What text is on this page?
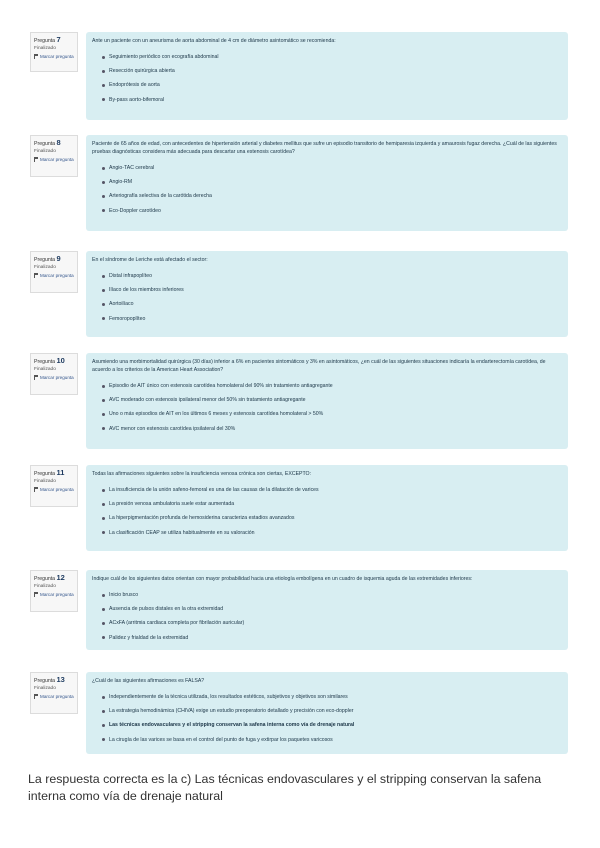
Pregunta 7
Finalizado
Marcar pregunta
Ante un paciente con un aneurisma de aorta abdominal de 4 cm de diámetro asintomático se recomienda:
Seguimiento periódico con ecografía abdominal
Resección quirúrgica abierta
Endoprótesis de aorta
By-pass aorto-bifemoral
Pregunta 8
Finalizado
Marcar pregunta
Paciente de 65 años de edad, con antecedentes de hipertensión arterial y diabetes mellitus que sufre un episodio transitorio de hemiparesia izquierda y amaurosis fugaz derecha. ¿Cuál de las siguientes pruebas diagnósticas considera más adecuada para descartar una estenosis carotídea?
Angio-TAC cerebral
Angio-RM
Arteriografía selectiva de la carótida derecha
Eco-Doppler carotídeo
Pregunta 9
Finalizado
Marcar pregunta
En el síndrome de Leriche está afectado el sector:
Distal infrapoplíteo
Ilíaco de los miembros inferiores
Aortoilíaco
Femoropoplíteo
Pregunta 10
Finalizado
Marcar pregunta
Asumiendo una morbimortalidad quirúrgica (30 días) inferior a 6% en pacientes sintomáticos y 3% en asintomáticos, ¿en cuál de las siguientes situaciones indicaría la endarterectomía carotídea, de acuerdo a los criterios de la American Heart Association?
Episodio de AIT único con estenosis carotídea homolateral del 90% sin tratamiento antiagregante
AVC moderado con estenosis ipsilateral menor del 50% sin tratamiento antiagregante
Uno o más episodios de AIT en los últimos 6 meses y estenosis carotídea homolateral > 50%
AVC menor con estenosis carotídea ipsilateral del 30%
Pregunta 11
Finalizado
Marcar pregunta
Todas las afirmaciones siguientes sobre la insuficiencia venosa crónica son ciertas, EXCEPTO:
La insuficiencia de la unión safeno-femoral es una de las causas de la dilatación de varices
La presión venosa ambulatoria suele estar aumentada
La hiperpigmentación profunda de hemosiderina caracteriza estadios avanzados
La clasificación CEAP se utiliza habitualmente en su valoración
Pregunta 12
Finalizado
Marcar pregunta
Indique cuál de los siguientes datos orientan con mayor probabilidad hacia una etiología embolígena en un cuadro de isquemia aguda de las extremidades inferiores:
Inicio brusco
Ausencia de pulsos distales en la otra extremidad
ACxFA (arritmia cardiaca completa por fibrilación auricular)
Palidez y frialdad de la extremidad
Pregunta 13
Finalizado
Marcar pregunta
¿Cuál de las siguientes afirmaciones es FALSA?
Independientemente de la técnica utilizada, los resultados estéticos, subjetivos y objetivos son similares
La estrategia hemodinámica (CHIVA) exige un estudio preoperatorio detallado y precisión con eco-doppler
Las técnicas endovasculares y el stripping conservan la safena interna como vía de drenaje natural
La cirugía de las varices se basa en el control del punto de fuga y extirpar los paquetes varicosos
La respuesta correcta es la c) Las técnicas endovasculares y el stripping conservan la safena
interna como vía de drenaje natural
